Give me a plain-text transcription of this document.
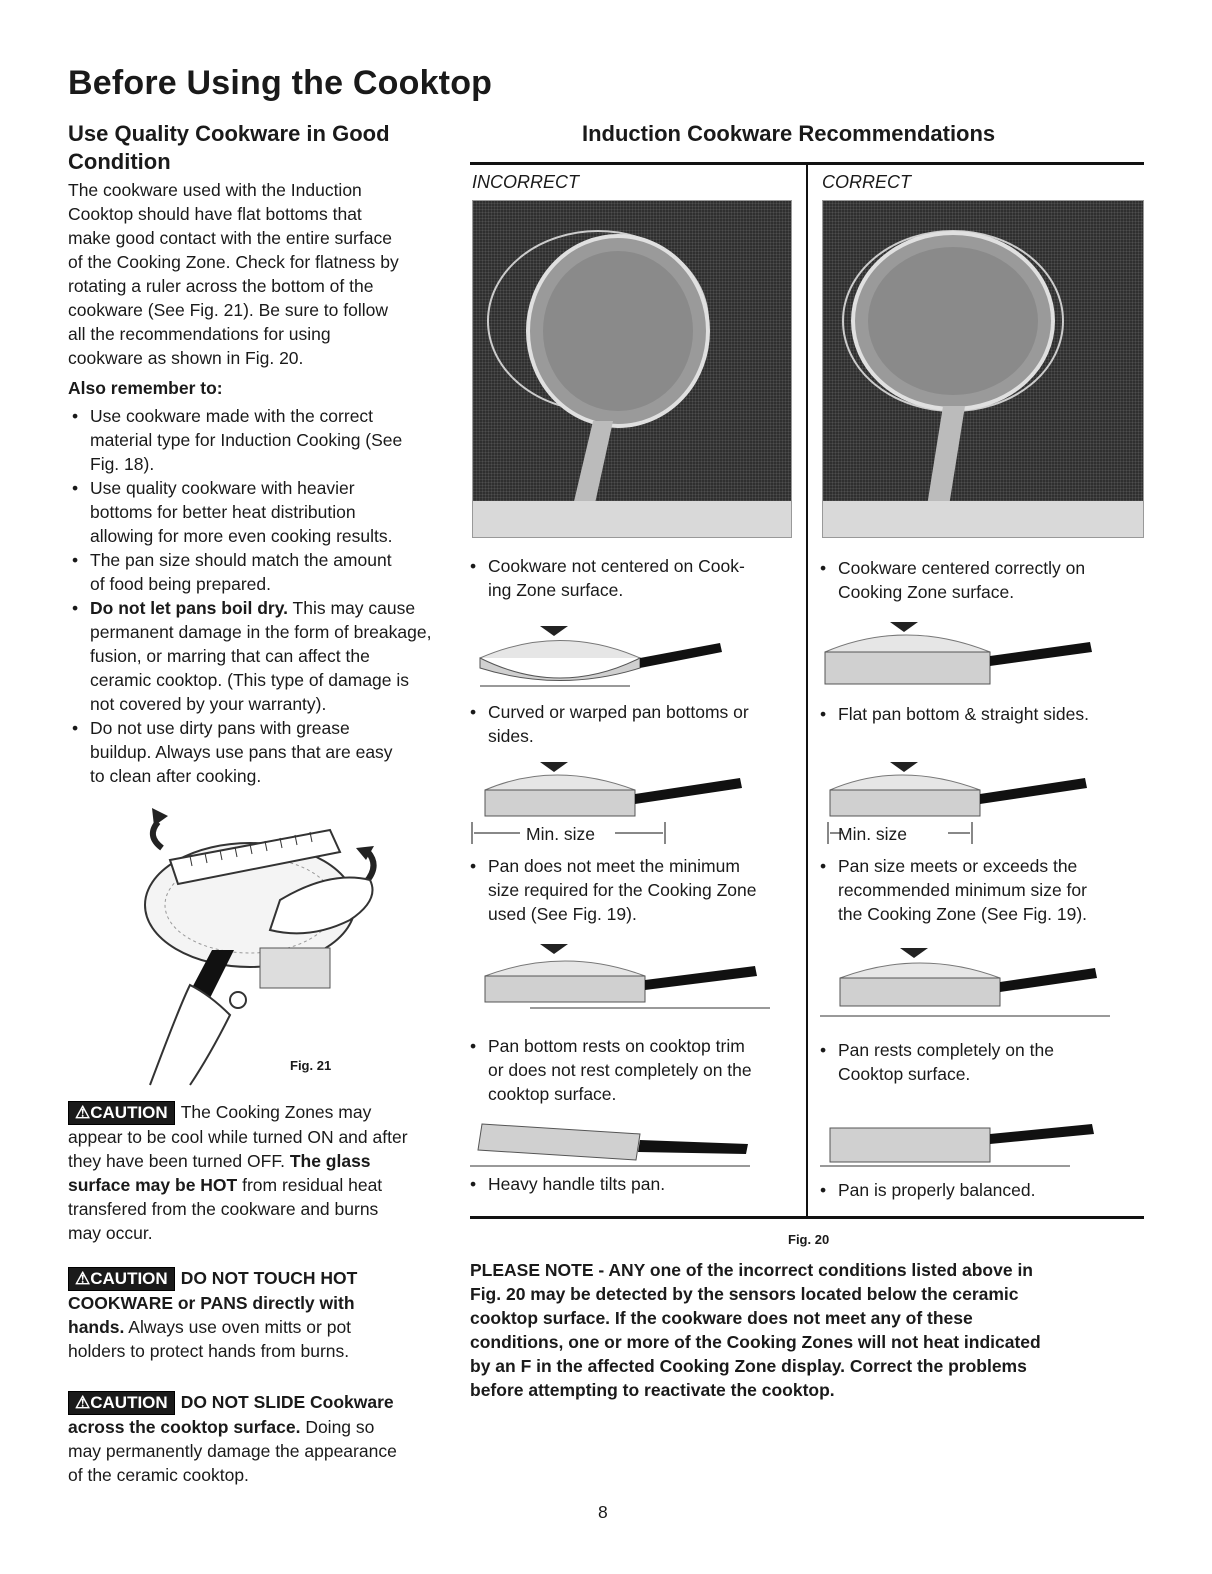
Before Using the Cooktop
Use Quality Cookware in Good
Condition
The cookware used with the Induction
Cooktop should have flat bottoms that
make good contact with the entire surface
of the Cooking Zone. Check for flatness by
rotating a ruler across the bottom of the
cookware (See Fig. 21). Be sure to follow
all the recommendations for using
cookware as shown in Fig. 20.
Also remember to:
• Use cookware made with the correct
material type for Induction Cooking (See
Fig. 18).
• Use quality cookware with heavier
bottoms for better heat distribution
allowing for more even cooking results.
• The pan size should match the amount
of food being prepared.
• Do not let pans boil dry. This may cause
permanent damage in the form of breakage,
fusion, or marring that can affect the
ceramic cooktop. (This type of damage is
not covered by your warranty).
• Do not use dirty pans with grease
buildup. Always use pans that are easy
to clean after cooking.
Fig. 21
⚠CAUTION The Cooking Zones may
appear to be cool while turned ON and after
they have been turned OFF. The glass
surface may be HOT from residual heat
transfered from the cookware and burns
may occur.
⚠CAUTION DO NOT TOUCH HOT
COOKWARE or PANS directly with
hands. Always use oven mitts or pot
holders to protect hands from burns.
⚠CAUTION DO NOT SLIDE Cookware
across the cooktop surface. Doing so
may permanently damage the appearance
of the ceramic cooktop.
Induction Cookware Recommendations
INCORRECT	CORRECT
• Cookware not centered on Cook-
ing Zone surface.
• Curved or warped pan bottoms or
sides.
Min. size
• Pan does not meet the minimum
size required for the Cooking Zone
used (See Fig. 19).
• Pan bottom rests on cooktop trim
or does not rest completely on the
cooktop surface.
• Heavy handle tilts pan.
• Cookware centered correctly on
Cooking Zone surface.
• Flat pan bottom & straight sides.
Min. size
• Pan size meets or exceeds the
recommended minimum size for
the Cooking Zone (See Fig. 19).
• Pan rests completely on the
Cooktop surface.
• Pan is properly balanced.
Fig. 20
PLEASE NOTE - ANY one of the incorrect conditions listed above in
Fig. 20 may be detected by the sensors located below the ceramic
cooktop surface. If the cookware does not meet any of these
conditions, one or more of the Cooking Zones will not heat indicated
by an F in the affected Cooking Zone display. Correct the problems
before attempting to reactivate the cooktop.
8
